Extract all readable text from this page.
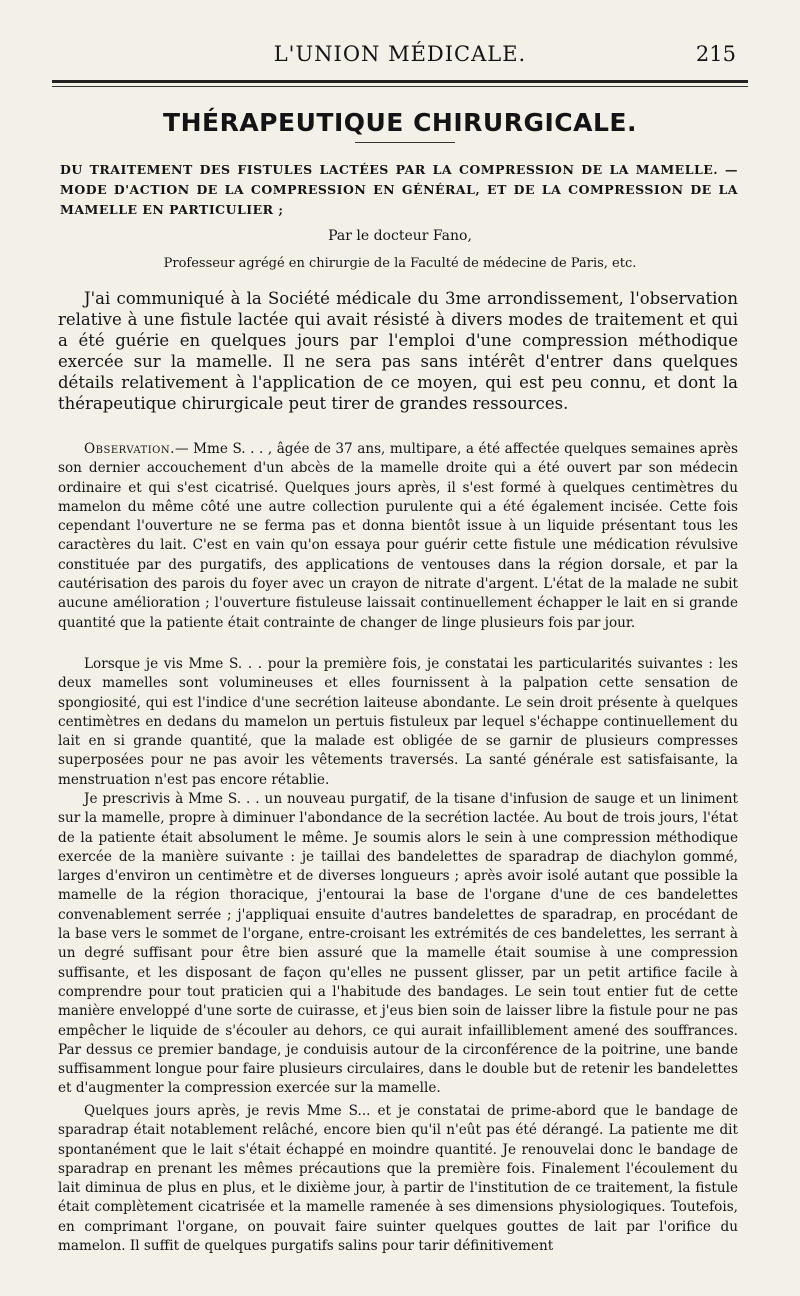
L'UNION MÉDICALE.	215
THÉRAPEUTIQUE CHIRURGICALE.
DU TRAITEMENT DES FISTULES LACTÉES PAR LA COMPRESSION DE LA MAMELLE. — MODE D'ACTION DE LA COMPRESSION EN GÉNÉRAL, ET DE LA COMPRESSION DE LA MAMELLE EN PARTICULIER ;
Par le docteur Fano,
Professeur agrégé en chirurgie de la Faculté de médecine de Paris, etc.
J'ai communiqué à la Société médicale du 3me arrondissement, l'observation relative à une fistule lactée qui avait résisté à divers modes de traitement et qui a été guérie en quelques jours par l'emploi d'une compression méthodique exercée sur la mamelle. Il ne sera pas sans intérêt d'entrer dans quelques détails relativement à l'application de ce moyen, qui est peu connu, et dont la thérapeutique chirurgicale peut tirer de grandes ressources.

Observation.— Mme S. . . , âgée de 37 ans, multipare, a été affectée quelques semaines après son dernier accouchement d'un abcès de la mamelle droite qui a été ouvert par son médecin ordinaire et qui s'est cicatrisé. Quelques jours après, il s'est formé à quelques centimètres du mamelon du même côté une autre collection purulente qui a été également incisée. Cette fois cependant l'ouverture ne se ferma pas et donna bientôt issue à un liquide présentant tous les caractères du lait. C'est en vain qu'on essaya pour guérir cette fistule une médication révulsive constituée par des purgatifs, des applications de ventouses dans la région dorsale, et par la cautérisation des parois du foyer avec un crayon de nitrate d'argent. L'état de la malade ne subit aucune amélioration ; l'ouverture fistuleuse laissait continuellement échapper le lait en si grande quantité que la patiente était contrainte de changer de linge plusieurs fois par jour.

Lorsque je vis Mme S. . . pour la première fois, je constatai les particularités suivantes : les deux mamelles sont volumineuses et elles fournissent à la palpation cette sensation de spongiosité, qui est l'indice d'une secrétion laiteuse abondante. Le sein droit présente à quelques centimètres en dedans du mamelon un pertuis fistuleux par lequel s'échappe continuellement du lait en si grande quantité, que la malade est obligée de se garnir de plusieurs compresses superposées pour ne pas avoir les vêtements traversés. La santé générale est satisfaisante, la menstruation n'est pas encore rétablie.

Je prescrivis à Mme S. . . un nouveau purgatif, de la tisane d'infusion de sauge et un liniment sur la mamelle, propre à diminuer l'abondance de la secrétion lactée. Au bout de trois jours, l'état de la patiente était absolument le même. Je soumis alors le sein à une compression méthodique exercée de la manière suivante : je taillai des bandelettes de sparadrap de diachylon gommé, larges d'environ un centimètre et de diverses longueurs ; après avoir isolé autant que possible la mamelle de la région thoracique, j'entourai la base de l'organe d'une de ces bandelettes convenablement serrée ; j'appliquai ensuite d'autres bandelettes de sparadrap, en procédant de la base vers le sommet de l'organe, entre-croisant les extrémités de ces bandelettes, les serrant à un degré suffisant pour être bien assuré que la mamelle était soumise à une compression suffisante, et les disposant de façon qu'elles ne pussent glisser, par un petit artifice facile à comprendre pour tout praticien qui a l'habitude des bandages. Le sein tout entier fut de cette manière enveloppé d'une sorte de cuirasse, et j'eus bien soin de laisser libre la fistule pour ne pas empêcher le liquide de s'écouler au dehors, ce qui aurait infailliblement amené des souffrances. Par dessus ce premier bandage, je conduisis autour de la circonférence de la poitrine, une bande suffisamment longue pour faire plusieurs circulaires, dans le double but de retenir les bandelettes et d'augmenter la compression exercée sur la mamelle.

Quelques jours après, je revis Mme S... et je constatai de prime-abord que le bandage de sparadrap était notablement relâché, encore bien qu'il n'eût pas été dérangé. La patiente me dit spontanément que le lait s'était échappé en moindre quantité. Je renouvelai donc le bandage de sparadrap en prenant les mêmes précautions que la première fois. Finalement l'écoulement du lait diminua de plus en plus, et le dixième jour, à partir de l'institution de ce traitement, la fistule était complètement cicatrisée et la mamelle ramenée à ses dimensions physiologiques. Toutefois, en comprimant l'organe, on pouvait faire suinter quelques gouttes de lait par l'orifice du mamelon. Il suffit de quelques purgatifs salins pour tarir définitivement
